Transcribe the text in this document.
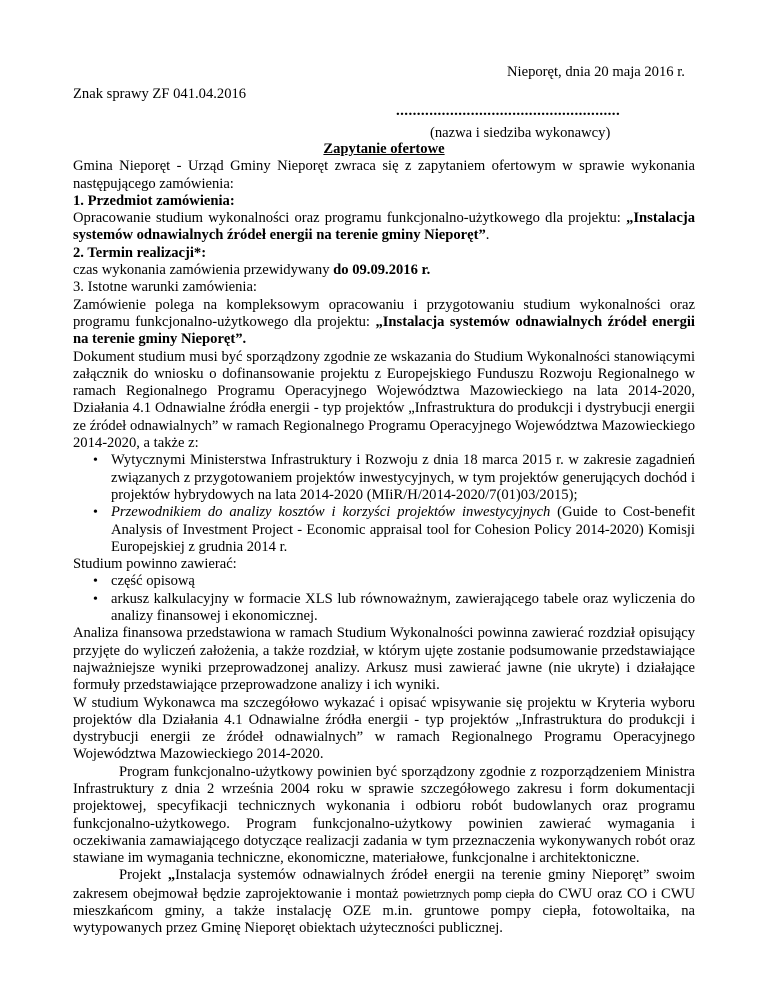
Nieporęt, dnia 20 maja 2016 r.
Znak sprawy ZF 041.04.2016
......................................................
(nazwa i siedziba wykonawcy)

Zapytanie ofertowe

Gmina Nieporęt - Urząd Gminy Nieporęt zwraca się z zapytaniem ofertowym w sprawie wykonania następującego zamówienia:

1. Przedmiot zamówienia:

Opracowanie studium wykonalności oraz programu funkcjonalno-użytkowego dla projektu: „Instalacja systemów odnawialnych źródeł energii na terenie gminy Nieporęt”.

2. Termin realizacji*:

czas wykonania zamówienia przewidywany do 09.09.2016 r.

3. Istotne warunki zamówienia:

Zamówienie polega na kompleksowym opracowaniu i przygotowaniu studium wykonalności oraz programu funkcjonalno-użytkowego dla projektu: „Instalacja systemów odnawialnych źródeł energii na terenie gminy Nieporęt”.

Dokument studium musi być sporządzony zgodnie ze wskazania do Studium Wykonalności stanowiącymi załącznik do wniosku o dofinansowanie projektu z Europejskiego Funduszu Rozwoju Regionalnego w ramach Regionalnego Programu Operacyjnego Województwa Mazowieckiego na lata 2014-2020, Działania 4.1 Odnawialne źródła energii - typ projektów „Infrastruktura do produkcji i dystrybucji energii ze źródeł odnawialnych” w ramach Regionalnego Programu Operacyjnego Województwa Mazowieckiego 2014-2020, a także z:

• Wytycznymi Ministerstwa Infrastruktury i Rozwoju z dnia 18 marca 2015 r. w zakresie zagadnień związanych z przygotowaniem projektów inwestycyjnych, w tym projektów generujących dochód i projektów hybrydowych na lata 2014-2020 (MIiR/H/2014-2020/7(01)03/2015);
• Przewodnikiem do analizy kosztów i korzyści projektów inwestycyjnych (Guide to Cost-benefit Analysis of Investment Project - Economic appraisal tool for Cohesion Policy 2014-2020) Komisji Europejskiej z grudnia 2014 r.

Studium powinno zawierać:

• część opisową
• arkusz kalkulacyjny w formacie XLS lub równoważnym, zawierającego tabele oraz wyliczenia do analizy finansowej i ekonomicznej.

Analiza finansowa przedstawiona w ramach Studium Wykonalności powinna zawierać rozdział opisujący przyjęte do wyliczeń założenia, a także rozdział, w którym ujęte zostanie podsumowanie przedstawiające najważniejsze wyniki przeprowadzonej analizy. Arkusz musi zawierać jawne (nie ukryte) i działające formuły przedstawiające przeprowadzone analizy i ich wyniki.

W studium Wykonawca ma szczegółowo wykazać i opisać wpisywanie się projektu w Kryteria wyboru projektów dla Działania 4.1 Odnawialne źródła energii - typ projektów „Infrastruktura do produkcji i dystrybucji energii ze źródeł odnawialnych” w ramach Regionalnego Programu Operacyjnego Województwa Mazowieckiego 2014-2020.

Program funkcjonalno-użytkowy powinien być sporządzony zgodnie z rozporządzeniem Ministra Infrastruktury z dnia 2 września 2004 roku w sprawie szczegółowego zakresu i form dokumentacji projektowej, specyfikacji technicznych wykonania i odbioru robót budowlanych oraz programu funkcjonalno-użytkowego. Program funkcjonalno-użytkowy powinien zawierać wymagania i oczekiwania zamawiającego dotyczące realizacji zadania w tym przeznaczenia wykonywanych robót oraz stawiane im wymagania techniczne, ekonomiczne, materiałowe, funkcjonalne i architektoniczne.

Projekt „Instalacja systemów odnawialnych źródeł energii na terenie gminy Nieporęt” swoim zakresem obejmował będzie zaprojektowanie i montaż powietrznych pomp ciepła do CWU oraz CO i CWU mieszkańcom gminy, a także instalację OZE m.in. gruntowe pompy ciepła, fotowoltaika, na wytypowanych przez Gminę Nieporęt obiektach użyteczności publicznej.
